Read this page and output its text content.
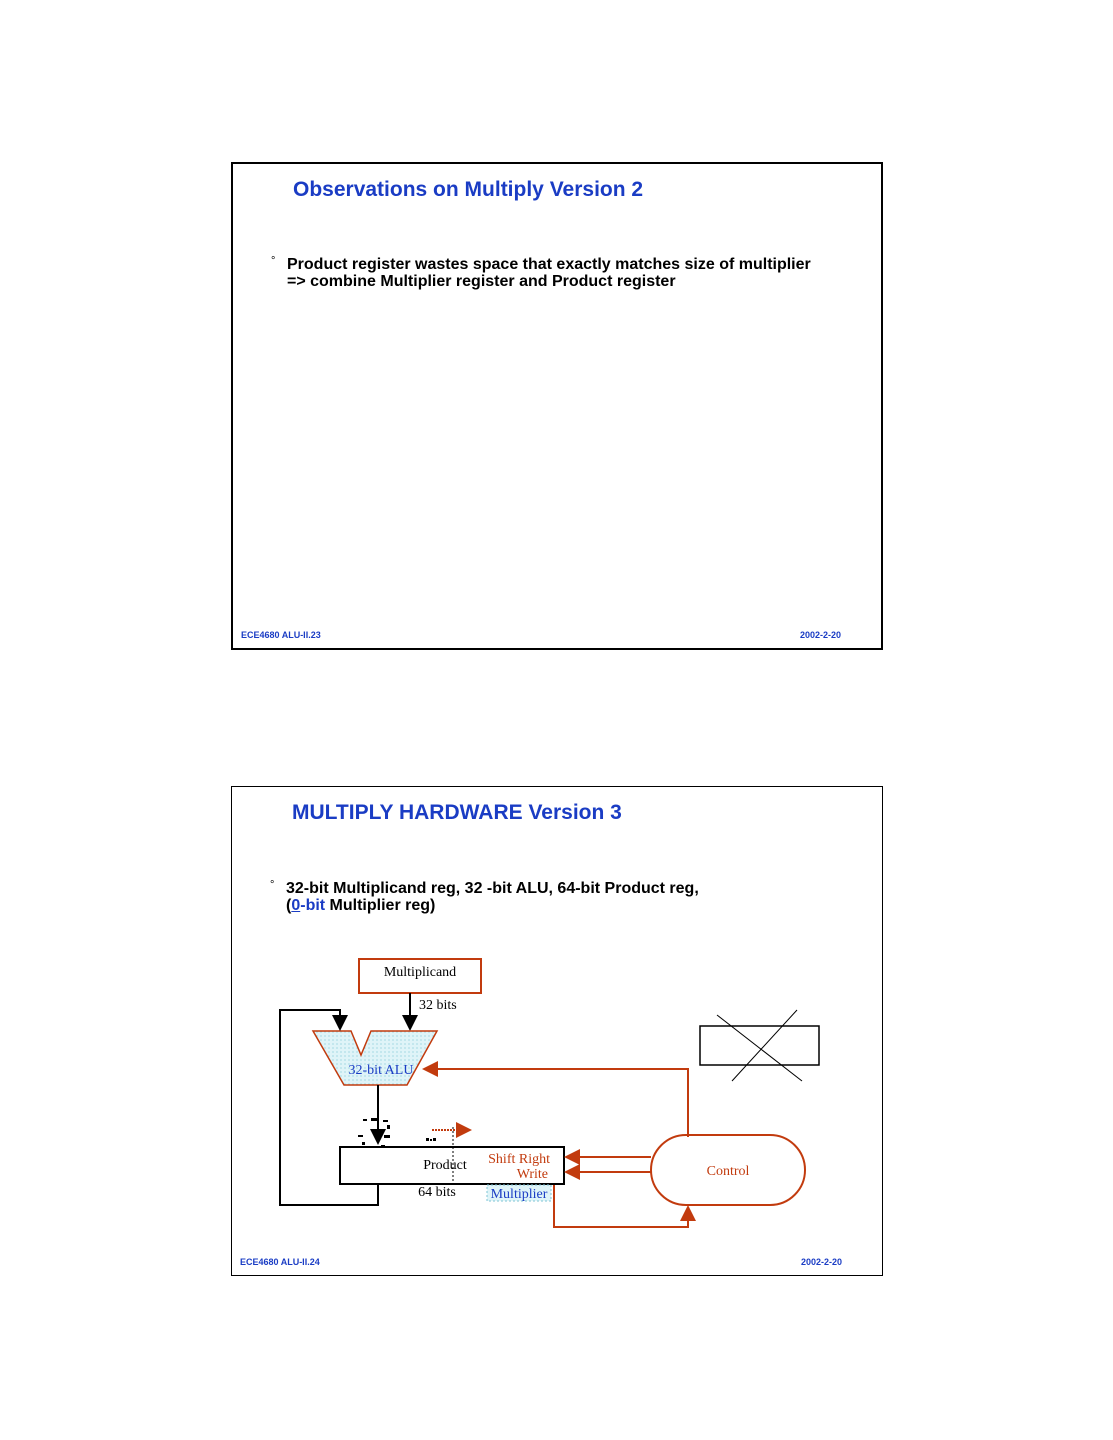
Observations on Multiply Version 2
° Product register wastes space that exactly matches size of multiplier
=> combine Multiplier register and Product register
ECE4680 ALU-II.23	2002-2-20
MULTIPLY HARDWARE Version 3
° 32-bit Multiplicand reg, 32 -bit ALU, 64-bit Product reg,
(0-bit Multiplier reg)
Multiplicand
32 bits
32-bit ALU
Product
64 bits Multiplier
Shift Right
Write	Control
ECE4680 ALU-II.24	2002-2-20
